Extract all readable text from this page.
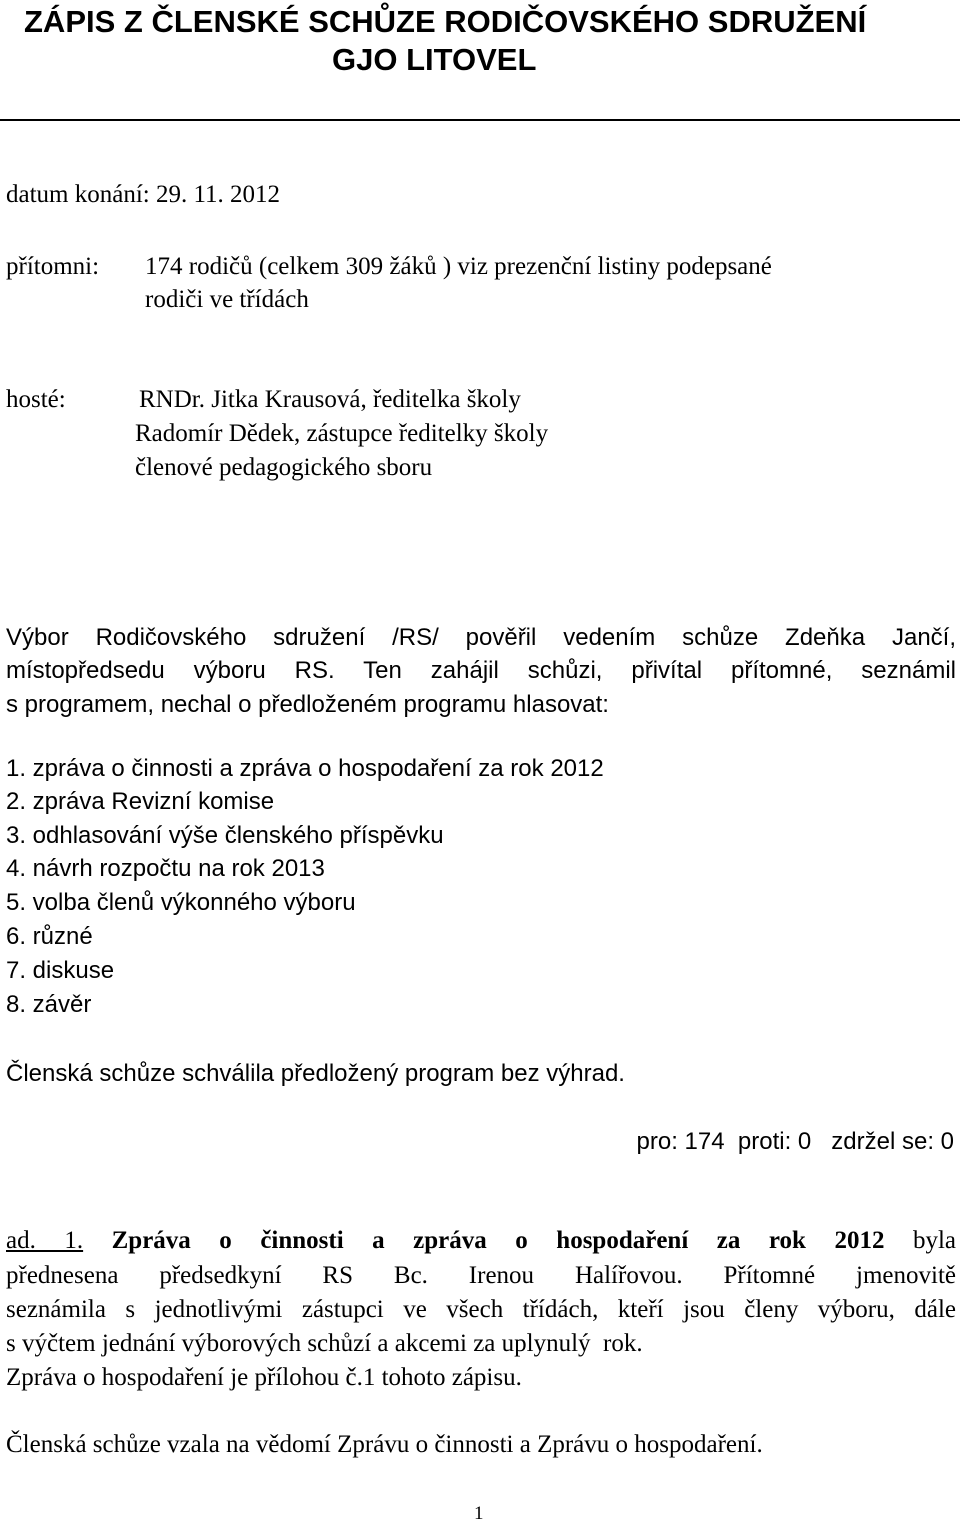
ZÁPIS Z ČLENSKÉ SCHŮZE RODIČOVSKÉHO SDRUŽENÍ
GJO LITOVEL
datum konání: 29. 11. 2012
přítomni: 174 rodičů (celkem 309 žáků ) viz prezenční listiny podepsané
rodiči ve třídách
hosté:	RNDr. Jitka Krausová, ředitelka školy
Radomír Dědek, zástupce ředitelky školy
členové pedagogického sboru
Výbor Rodičovského sdružení /RS/ pověřil vedením schůze Zdeňka Jančí,
místopředsedu výboru RS. Ten zahájil schůzi, přivítal přítomné, seznámil
s programem, nechal o předloženém programu hlasovat:
1. zpráva o činnosti a zpráva o hospodaření za rok 2012
2. zpráva Revizní komise
3. odhlasování výše členského příspěvku
4. návrh rozpočtu na rok 2013
5. volba členů výkonného výboru
6. různé
7. diskuse
8. závěr
Členská schůze schválila předložený program bez výhrad.
pro: 174  proti: 0   zdržel se: 0
ad. 1. Zpráva o činnosti a zpráva o hospodaření za rok 2012 byla
přednesena předsedkyní RS Bc. Irenou Halířovou. Přítomné jmenovitě
seznámila s jednotlivými zástupci ve všech třídách, kteří jsou členy výboru, dále
s výčtem jednání výborových schůzí a akcemi za uplynulý  rok.
Zpráva o hospodaření je přílohou č.1 tohoto zápisu.
Členská schůze vzala na vědomí Zprávu o činnosti a Zprávu o hospodaření.
1
